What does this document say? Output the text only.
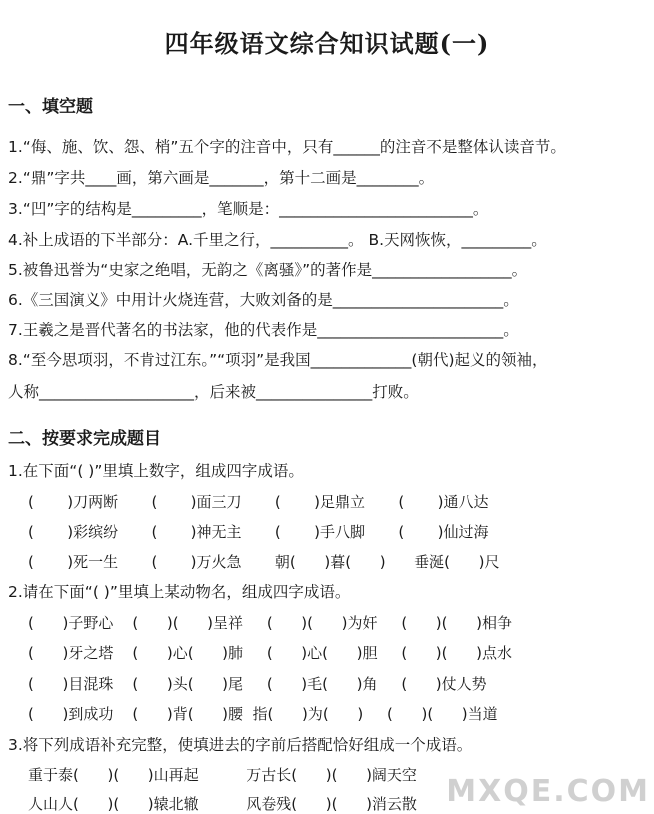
四年级语文综合知识试题(一)
一、填空题
1.“侮、施、饮、怨、梢”五个字的注音中，只有______的注音不是整体认读音节。
2.“鼎”字共____画，第六画是_______，第十二画是________。
3.“凹”字的结构是_________，笔顺是：_________________________。
4.补上成语的下半部分：A.千里之行，__________。 B.天网恢恢，_________。
5.被鲁迅誉为“史家之绝唱，无韵之《离骚》”的著作是__________________。
6.《三国演义》中用计火烧连营，大败刘备的是______________________。
7.王羲之是晋代著名的书法家，他的代表作是________________________。
8.“至今思项羽，不肯过江东。”“项羽”是我国_____________(朝代)起义的领袖，
人称____________________，后来被_______________打败。
二、按要求完成题目
1.在下面“( )”里填上数字，组成四字成语。
(       )刀两断       (       )面三刀       (       )足鼎立       (       )通八达
(       )彩缤纷       (       )神无主       (       )手八脚       (       )仙过海
(       )死一生       (       )万火急       朝(      )暮(      )      垂涎(      )尺
2.请在下面“( )”里填上某动物名，组成四字成语。
(      )子野心    (      )(      )呈祥     (      )(      )为奸     (      )(      )相争
(      )牙之塔    (      )心(      )肺     (      )心(      )胆     (      )(      )点水
(      )目混珠    (      )头(      )尾     (      )毛(      )角     (      )仗人势
(      )到成功    (      )背(      )腰  指(      )为(      )     (      )(      )当道
3.将下列成语补充完整，使填进去的字前后搭配恰好组成一个成语。
重于泰(      )(      )山再起          万古长(      )(      )阔天空
人山人(      )(      )辕北辙          风卷残(      )(      )消云散 MXQE.COM
